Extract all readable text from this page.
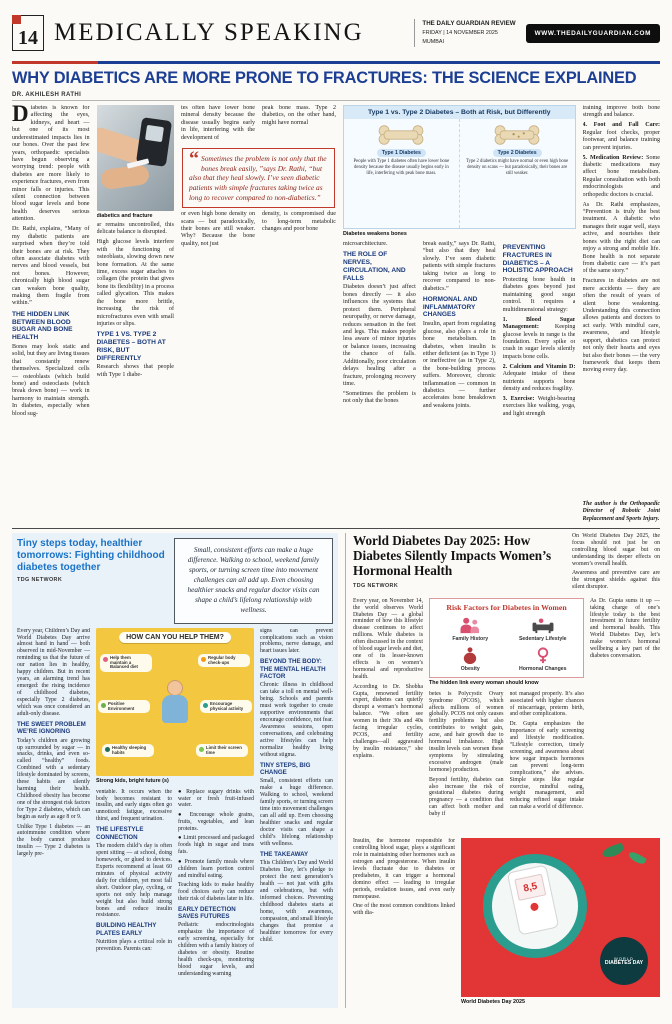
14 MEDICALLY SPEAKING	THE DAILY GUARDIAN REVIEW
FRIDAY | 14 NOVEMBER 2025
MUMBAI
WWW.THEDAILYGUARDIAN.COM
WHY DIABETICS ARE MORE PRONE TO FRACTURES: THE SCIENCE EXPLAINED
DR. AKHILESH RATHI

Diabetes is known for affecting the eyes, kidneys, and heart — but one of its most underestimated impacts lies in our bones. Over the past few years, orthopaedic specialists have begun observing a worrying trend: people with diabetes are more likely to experience fractures, even from minor falls or injuries. This silent connection between blood sugar levels and bone health deserves serious attention.

Dr. Rathi, explains, “Many of my diabetic patients are surprised when they’re told their bones are at risk. They often associate diabetes with nerves and blood vessels, but not bones. However, chronically high blood sugar can weaken bone quality, making them fragile from within.”

THE HIDDEN LINK BETWEEN BLOOD SUGAR AND BONE HEALTH

Bones may look static and solid, but they are living tissues that constantly renew themselves. Specialized cells — osteoblasts (which build bone) and osteoclasts (which break down bone) — work in harmony to maintain strength. In diabetes, especially when blood sug-

diabetics and fracture

ar remains uncontrolled, this delicate balance is disrupted.

High glucose levels interfere with the functioning of osteoblasts, slowing down new bone formation. At the same time, excess sugar attaches to collagen (the protein that gives bone its flexibility) in a process called glycation. This makes the bone more brittle, increasing the risk of microfractures even with small injuries or slips.

TYPE 1 VS. TYPE 2 DIABETES – BOTH AT RISK, BUT DIFFERENTLY

Research shows that people with Type 1 diabe-

tes often have lower bone mineral density because the disease usually begins early in life, interfering with the development of

peak bone mass. Type 2 diabetics, on the other hand, might have normal

“ Sometimes the problem is not only that the bones break easily, ”says Dr. Rathi, “but also that they heal slowly. I’ve seen diabetic patients with simple fractures taking twice as long to recover compared to non-diabetics.”

or even high bone density on scans — but paradoxically, their bones are still weaker. Why? Because the bone quality, not just

density, is compromised due to long-term metabolic changes and poor bone

Type 1 vs. Type 2 Diabetes – Both at Risk, but Differently
Type 1 Diabetes
People with Type 1 diabetes often have lower bone density because the disease usually begins early in life, interfering with peak bone mass.
Type 2 Diabetes
Type 2 diabetics might have normal or even high bone density on scans — but paradoxically, their bones are still weaker.
Diabetes weakens bones

microarchitecture.

THE ROLE OF NERVES, CIRCULATION, AND FALLS

Diabetes doesn’t just affect bones directly — it also influences the systems that protect them. Peripheral neuropathy, or nerve damage, reduces sensation in the feet and legs. This makes people less aware of minor injuries or balance issues, increasing the chance of falls. Additionally, poor circulation delays healing after a fracture, prolonging recovery time.

“Sometimes the problem is not only that the bones

break easily,” says Dr. Rathi, “but also that they heal slowly. I’ve seen diabetic patients with simple fractures taking twice as long to recover compared to non-diabetics.”

HORMONAL AND INFLAMMATORY CHANGES

Insulin, apart from regulating glucose, also plays a role in bone metabolism. In diabetes, when insulin is either deficient (as in Type 1) or ineffective (as in Type 2), the bone-building process suffers. Moreover, chronic inflammation — common in diabetics — further accelerates bone breakdown and weakens joints.

PREVENTING FRACTURES IN DIABETICS – A HOLISTIC APPROACH

Protecting bone health in diabetes goes beyond just maintaining good sugar control. It requires a multidimensional strategy:

1. Blood Sugar Management:	Keeping glucose levels in range is the foundation. Every spike or crash in sugar levels silently impacts bone cells.

2. Calcium and Vitamin D: Adequate intake of these nutrients supports bone density and reduces fragility.

3. Exercise: Weight-bearing exercises like walking, yoga, and light strength

training improve both bone strength and balance.

4. Foot and Fall Care: Regular foot checks, proper footwear, and balance training can prevent injuries.

5. Medication Review: Some diabetic medications may affect bone metabolism. Regular consultation with both endocrinologists and orthopedic doctors is crucial.

As Dr. Rathi emphasizes, “Prevention is truly the best treatment. A diabetic who manages their sugar well, stays active, and nourishes their bones with the right diet can enjoy a strong and mobile life. Bone health is not separate from diabetic care — it’s part of the same story.”

Fractures in diabetes are not mere accidents — they are often the result of years of silent bone weakening. Understanding this connection allows patients and doctors to act early. With mindful care, awareness, and lifestyle support, diabetics can protect not only their hearts and eyes but also their bones — the very framework that keeps them moving every day.

The author is the Orthopaedic Director of Robotic Joint Replacement and Sports Injury.
Tiny steps today, healthier tomorrows: Fighting childhood diabetes together
TDG NETWORK
Small, consistent efforts can make a huge difference. Walking to school, weekend family sports, or turning screen time into movement challenges can all add up. Even choosing healthier snacks and regular doctor visits can shape a child’s lifelong relationship with wellness.

Every year, Children’s Day and World Diabetes Day arrive almost hand in hand — both observed in mid-November — reminding us that the future of our nation lies in healthy, happy children. But in recent years, an alarming trend has emerged: the rising incidence of childhood diabetes, especially Type 2 diabetes, which was once considered an adult-only disease.

THE SWEET PROBLEM WE’RE IGNORING

Today’s children are growing up surrounded by sugar — in snacks, drinks, and even so-called “healthy” foods. Combined with a sedentary lifestyle dominated by screens, these habits are silently harming their health. Childhood obesity has become one of the strongest risk factors for Type 2 diabetes, which can begin as early as age 8 or 9.

Unlike Type 1 diabetes — an autoimmune condition where the body cannot produce insulin — Type 2 diabetes is largely pre-

HOW CAN YOU HELP THEM?
Help them maintain a Balanced diet
Regular body check-ups
Positive Environment
Encourage physical activity
Healthy sleeping habits
Limit their screen time
Strong kids, bright future (s)

ventable. It occurs when the body becomes resistant to insulin, and early signs often go unnoticed: fatigue, excessive thirst, and frequent urination.

THE LIFESTYLE CONNECTION

The modern child’s day is often spent sitting — at school, doing homework, or glued to devices. Experts recommend at least 60 minutes of physical activity daily for children, yet most fall short. Outdoor play, cycling, or sports not only help manage weight but also build strong bones and reduce insulin resistance.

BUILDING HEALTHY PLATES EARLY

Nutrition plays a critical role in prevention. Parents can:

● Replace sugary drinks with water or fresh fruit-infused water.

● Encourage whole grains, fruits, vegetables, and lean proteins.

● Limit processed and packaged foods high in sugar and trans fats.

● Promote family meals where children learn portion control and mindful eating.

Teaching kids to make healthy food choices early can reduce their risk of diabetes later in life.

EARLY DETECTION SAVES FUTURES

Pediatric endocrinologists emphasize the importance of early screening, especially for children with a family history of diabetes or obesity. Routine health check-ups, monitoring blood sugar levels, and understanding warning

signs can prevent complications such as vision problems, nerve damage, and heart issues later.

BEYOND THE BODY: THE MENTAL HEALTH FACTOR

Chronic illness in childhood can take a toll on mental well-being. Schools and parents must work together to create supportive environments that encourage confidence, not fear. Awareness sessions, open conversations, and celebrating active lifestyles can help normalize healthy living without stigma.

TINY STEPS, BIG CHANGE

Small, consistent efforts can make a huge difference. Walking to school, weekend family sports, or turning screen time into movement challenges can all add up. Even choosing healthier snacks and regular doctor visits can shape a child’s lifelong relationship with wellness.

THE TAKEAWAY

This Children’s Day and World Diabetes Day, let’s pledge to protect the next generation’s health — not just with gifts and celebrations, but with informed choices. Preventing childhood diabetes starts at home, with awareness, compassion, and small lifestyle changes that promise a healthier tomorrow for every child.

World Diabetes Day 2025: How Diabetes Silently Impacts Women’s Hormonal Health
TDG NETWORK

On World Diabetes Day 2025, the focus should not just be on controlling blood sugar but on understanding its deeper effects on women’s overall health.

Awareness and preventive care are the strongest shields against this silent disruptor.

Every year, on November 14, the world observes World Diabetes Day — a global reminder of how this lifestyle disease continues to affect millions. While diabetes is often discussed in the context of blood sugar levels and diet, one of its lesser-known effects is on women’s hormonal and reproductive health.

According to Dr. Shobha Gupta, renowned fertility expert, diabetes can quietly disrupt a woman’s hormonal balance. “We often see women in their 30s and 40s facing irregular cycles, PCOS, and fertility challenges—all aggravated by insulin resistance,” she explains.

Risk Factors for Diabetes in Women
Family History	Sedentary Lifestyle
Obesity	Hormonal Changes
The hidden link every woman should know

betes is Polycystic Ovary Syndrome (PCOS), which affects millions of women globally. PCOS not only causes fertility problems but also contributes to weight gain, acne, and hair growth due to hormonal imbalance. High insulin levels can worsen these symptoms by stimulating excessive androgen (male hormone) production.

Beyond fertility, diabetes can also increase the risk of gestational diabetes during pregnancy — a condition that can affect both mother and baby if

not managed properly. It’s also associated with higher chances of miscarriage, preterm birth, and other complications.

Dr. Gupta emphasizes the importance of early screening and lifestyle modification. “Lifestyle correction, timely screening, and awareness about how sugar impacts hormones can prevent long-term complications,” she advises. Simple steps like regular exercise, mindful eating, weight management, and reducing refined sugar intake can make a world of difference.

As Dr. Gupta sums it up — taking charge of one’s lifestyle today is the best investment in future fertility and hormonal health. This World Diabetes Day, let’s make women’s hormonal wellbeing a key part of the diabetes conversation.

Insulin, the hormone responsible for controlling blood sugar, plays a significant role in maintaining other hormones such as estrogen and progesterone. When insulin levels fluctuate due to diabetes or prediabetes, it can trigger a hormonal domino effect — leading to irregular periods, ovulation issues, and even early menopause.

One of the most common conditions linked with dia-

8,5
WORLD
DIABETES DAY
World Diabetes Day 2025
